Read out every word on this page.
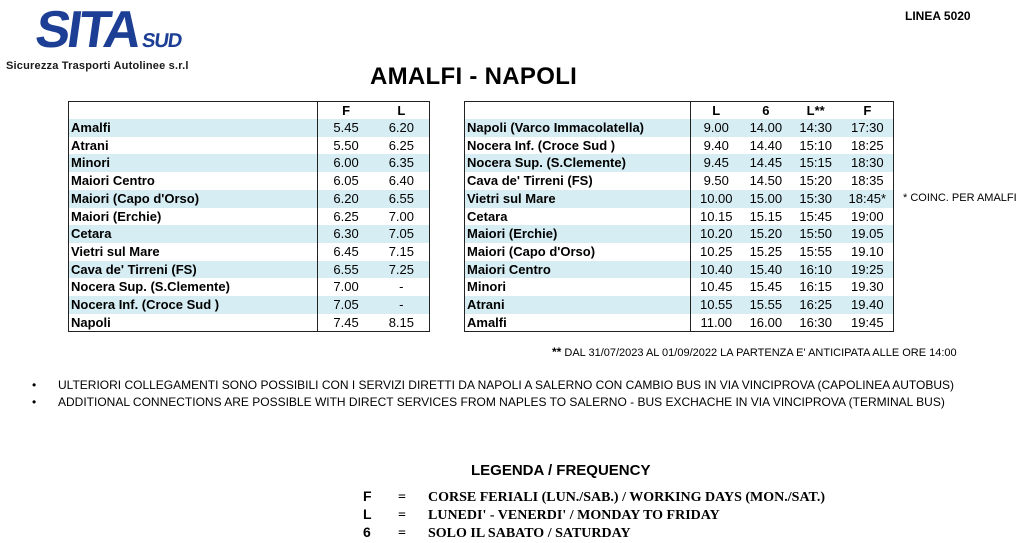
SITA
SUD
Sicurezza Trasporti Autolinee s.r.l
LINEA 5020
AMALFI - NAPOLI
	F	L
Amalfi	5.45	6.20
Atrani	5.50	6.25
Minori	6.00	6.35
Maiori Centro	6.05	6.40
Maiori (Capo d'Orso)	6.20	6.55
Maiori (Erchie)	6.25	7.00
Cetara	6.30	7.05
Vietri sul Mare	6.45	7.15
Cava de' Tirreni (FS)	6.55	7.25
Nocera Sup. (S.Clemente)	7.00	-
Nocera Inf. (Croce Sud )	7.05	-
Napoli	7.45	8.15
	L	6	L**	F
Napoli (Varco Immacolatella)	9.00	14.00	14:30	17:30
Nocera Inf. (Croce Sud )	9.40	14.40	15:10	18:25
Nocera Sup. (S.Clemente)	9.45	14.45	15:15	18:30
Cava de' Tirreni (FS)	9.50	14.50	15:20	18:35
Vietri sul Mare	10.00	15.00	15:30	18:45*
Cetara	10.15	15.15	15:45	19:00
Maiori (Erchie)	10.20	15.20	15:50	19.05
Maiori (Capo d'Orso)	10.25	15.25	15:55	19.10
Maiori Centro	10.40	15.40	16:10	19:25
Minori	10.45	15.45	16:15	19.30
Atrani	10.55	15.55	16:25	19.40
Amalfi	11.00	16.00	16:30	19:45
* COINC. PER AMALFI
** DAL 31/07/2023 AL 01/09/2022 LA PARTENZA E' ANTICIPATA ALLE ORE 14:00
• ULTERIORI COLLEGAMENTI SONO POSSIBILI CON I SERVIZI DIRETTI DA NAPOLI A SALERNO CON CAMBIO BUS IN VIA VINCIPROVA (CAPOLINEA AUTOBUS)
• ADDITIONAL CONNECTIONS ARE POSSIBLE WITH DIRECT SERVICES FROM NAPLES TO SALERNO - BUS EXCHACHE IN VIA VINCIPROVA (TERMINAL BUS)
LEGENDA / FREQUENCY
F = CORSE FERIALI (LUN./SAB.) / WORKING DAYS (MON./SAT.)
L = LUNEDI' - VENERDI' / MONDAY TO FRIDAY
6 = SOLO IL SABATO / SATURDAY
